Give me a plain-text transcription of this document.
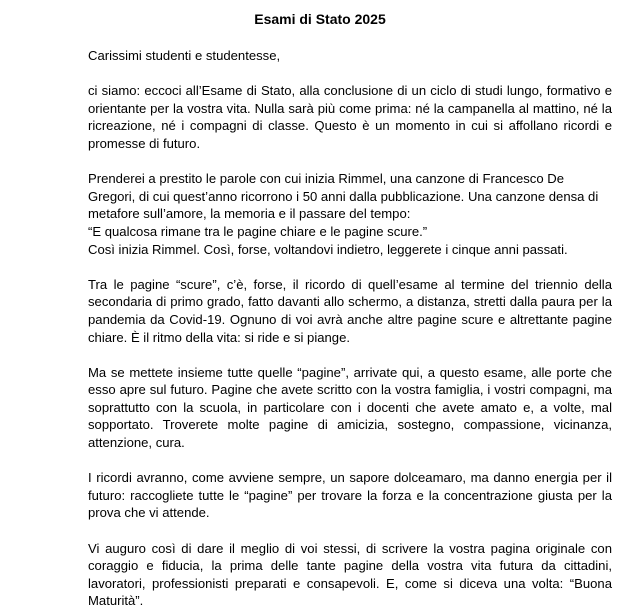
Esami di Stato 2025

Carissimi studenti e studentesse,

ci siamo: eccoci all’Esame di Stato, alla conclusione di un ciclo di studi lungo, formativo e orientante per la vostra vita. Nulla sarà più come prima: né la campanella al mattino, né la ricreazione, né i compagni di classe. Questo è un momento in cui si affollano ricordi e promesse di futuro.

Prenderei a prestito le parole con cui inizia Rimmel, una canzone di Francesco De Gregori, di cui quest’anno ricorrono i 50 anni dalla pubblicazione. Una canzone densa di metafore sull’amore, la memoria e il passare del tempo:
“E qualcosa rimane tra le pagine chiare e le pagine scure.”
Così inizia Rimmel. Così, forse, voltandovi indietro, leggerete i cinque anni passati.

Tra le pagine “scure”, c’è, forse, il ricordo di quell’esame al termine del triennio della secondaria di primo grado, fatto davanti allo schermo, a distanza, stretti dalla paura per la pandemia da Covid-19. Ognuno di voi avrà anche altre pagine scure e altrettante pagine chiare. È il ritmo della vita: si ride e si piange.

Ma se mettete insieme tutte quelle “pagine”, arrivate qui, a questo esame, alle porte che esso apre sul futuro. Pagine che avete scritto con la vostra famiglia, i vostri compagni, ma soprattutto con la scuola, in particolare con i docenti che avete amato e, a volte, mal sopportato. Troverete molte pagine di amicizia, sostegno, compassione, vicinanza, attenzione, cura.

I ricordi avranno, come avviene sempre, un sapore dolceamaro, ma danno energia per il futuro: raccogliete tutte le “pagine” per trovare la forza e la concentrazione giusta per la prova che vi attende.

Vi auguro così di dare il meglio di voi stessi, di scrivere la vostra pagina originale con coraggio e fiducia, la prima delle tante pagine della vostra vita futura da cittadini, lavoratori, professionisti preparati e consapevoli. E, come si diceva una volta: “Buona Maturità”.
